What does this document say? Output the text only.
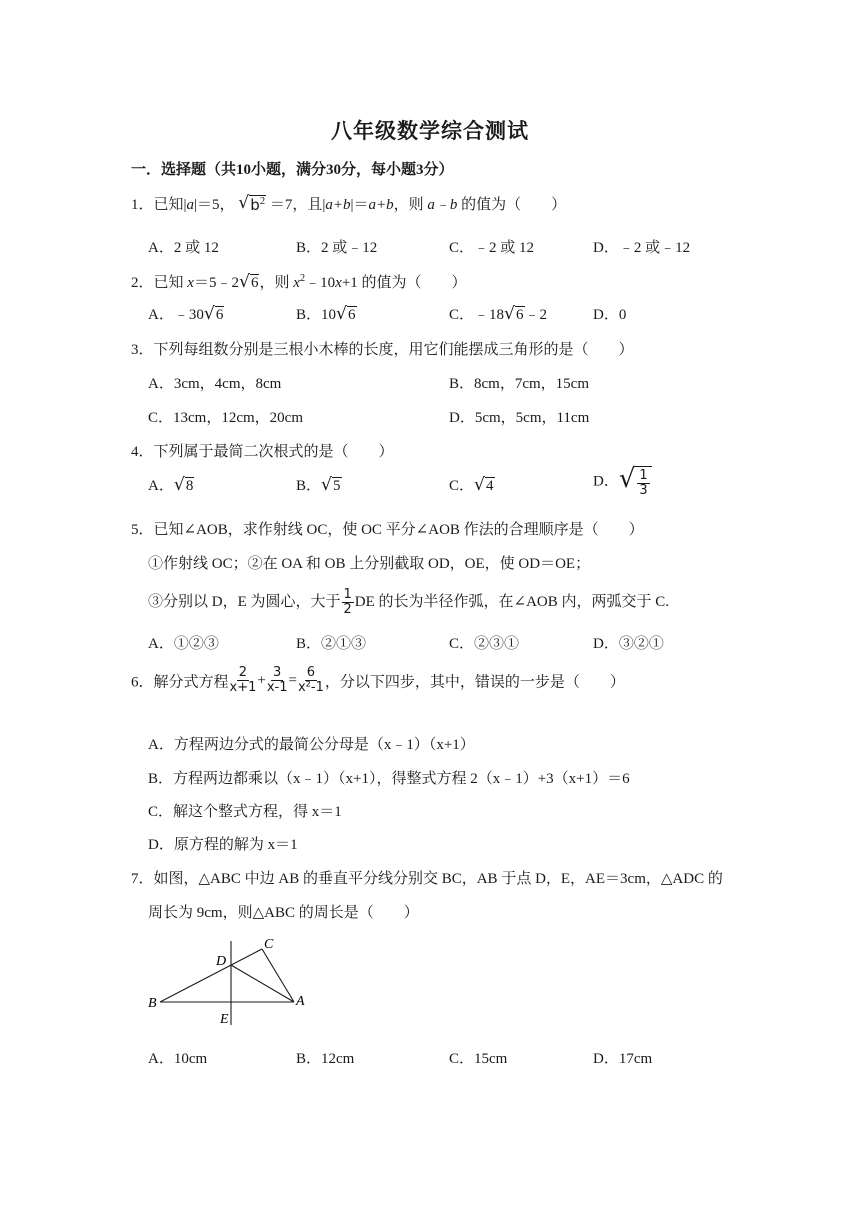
八年级数学综合测试
一．选择题（共10小题，满分30分，每小题3分）
1．已知|a|＝5， √ $b^2 =7$，且|a+b|＝a+b，则 a﹣b 的值为（　　）
A．2 或 12	B．2 或﹣12	C．﹣2 或 12	D．﹣2 或﹣12
2．已知 x＝5﹣2 √ 6 ，则 $x^2﹣10x+1$ 的值为（　　）
A．﹣30 √ 6	B．10 √ 6	C．﹣18 √ 6 ﹣2	D．0
3．下列每组数分别是三根小木棒的长度，用它们能摆成三角形的是（　　）
A．3cm，4cm，8cm	B．8cm，7cm，15cm
C．13cm，12cm，20cm	D．5cm，5cm，11cm
4．下列属于最简二次根式的是（　　）
A． √ 8	B． √ 5	C． √ 4	D． √ $\frac{1}{3}$
5．已知∠AOB，求作射线 OC，使 OC 平分∠AOB 作法的合理顺序是（　　）
①作射线 OC；②在 OA 和 OB 上分别截取 OD，OE，使 OD＝OE；
③分别以 D，E 为圆心，大于 $\frac{1}{2}$ DE 的长为半径作弧，在∠AOB 内，两弧交于 C.
A．①②③	B．②①③	C．②③①	D．③②①
6．解分式方程 $\frac{2}{x+1} + \frac{3}{x-1} = \frac{6}{\text{x²-1}}$ ，分以下四步，其中，错误的一步是（　　）
A．方程两边分式的最简公分母是（x﹣1）（x+1）
B．方程两边都乘以（x﹣1）（x+1），得整式方程 2（x﹣1）+3（x+1）＝6
C．解这个整式方程，得 x＝1
D．原方程的解为 x＝1
7．如图，△ABC 中边 AB 的垂直平分线分别交 BC，AB 于点 D，E，AE＝3cm，△ADC 的
周长为 9cm，则△ABC 的周长是（　　）
B	A
C
D
E
A．10cm	B．12cm	C．15cm	D．17cm
